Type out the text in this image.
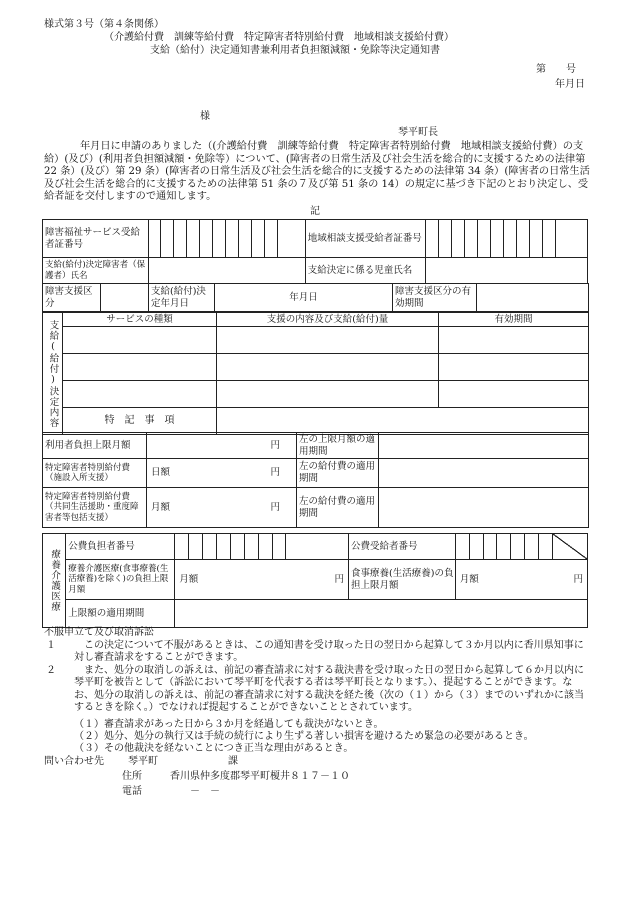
様式第３号（第４条関係）
（介護給付費　訓練等給付費　特定障害者特別給付費　地域相談支援給付費）
支給（給付）決定通知書兼利用者負担額減額・免除等決定通知書
第　　号
年月日
様
琴平町長
年月日に申請のありました（(介護給付費　訓練等給付費　特定障害者特別給付費　地域相談支援給付費）の支給）(及び）(利用者負担額減額・免除等）について、(障害者の日常生活及び社会生活を総合的に支援するための法律第 22 条）(及び）第 29 条）(障害者の日常生活及び社会生活を総合的に支援するための法律第 34 条）(障害者の日常生活及び社会生活を総合的に支援するための法律第 51 条の７及び第 51 条の 14）の規定に基づき下記のとおり決定し、受給者証を交付しますので通知します。
記
障害福祉サービス受給者証番号												地域相談支援受給者証番号											
支給(給付)決定障害者（保護者）氏名												支給決定に係る児童氏名											
障害支援区分		支給(給付)決定年月日	年月日	障害支援区分の有効期間	
支給(給付)決定内容	サービスの種類	支援の内容及び支給(給付)量	有効期間

	特　記　事　項		
利用者負担上限月額	円	左の上限月額の適用期間	
特定障害者特別給付費（施設入所支援）	日額 円	左の給付費の適用期間	
特定障害者特別給付費（共同生活援助・重度障害者等包括支援）	月額 円	左の給付費の適用期間	
療養介護医療	公費負担者番号										公費受給者番号								
	療養介護医療(食事療養(生活療養)を除く)の負担上限月額	月額 円									食事療養(生活療養)の負担上限月額	月額 円							

	上限額の適用期間																		
不服申立て及び取消訴訟
１	この決定について不服があるときは、この通知書を受け取った日の翌日から起算して３か月以内に香川県知事に対し審査請求をすることができます。
２	また、処分の取消しの訴えは、前記の審査請求に対する裁決書を受け取った日の翌日から起算して６か月以内に琴平町を被告として（訴訟において琴平町を代表する者は琴平町長となります。）、提起することができます。なお、処分の取消しの訴えは、前記の審査請求に対する裁決を経た後（次の（１）から（３）までのいずれかに該当するときを除く。）でなければ提起することができないこととされています。
（１）審査請求があった日から３か月を経過しても裁決がないとき。
（２）処分、処分の執行又は手続の続行により生ずる著しい損害を避けるため緊急の必要があるとき。
（３）その他裁決を経ないことにつき正当な理由があるとき。
問い合わせ先 琴平町	課
住所	香川県仲多度郡琴平町榎井８１７－１０
電話	－　－
